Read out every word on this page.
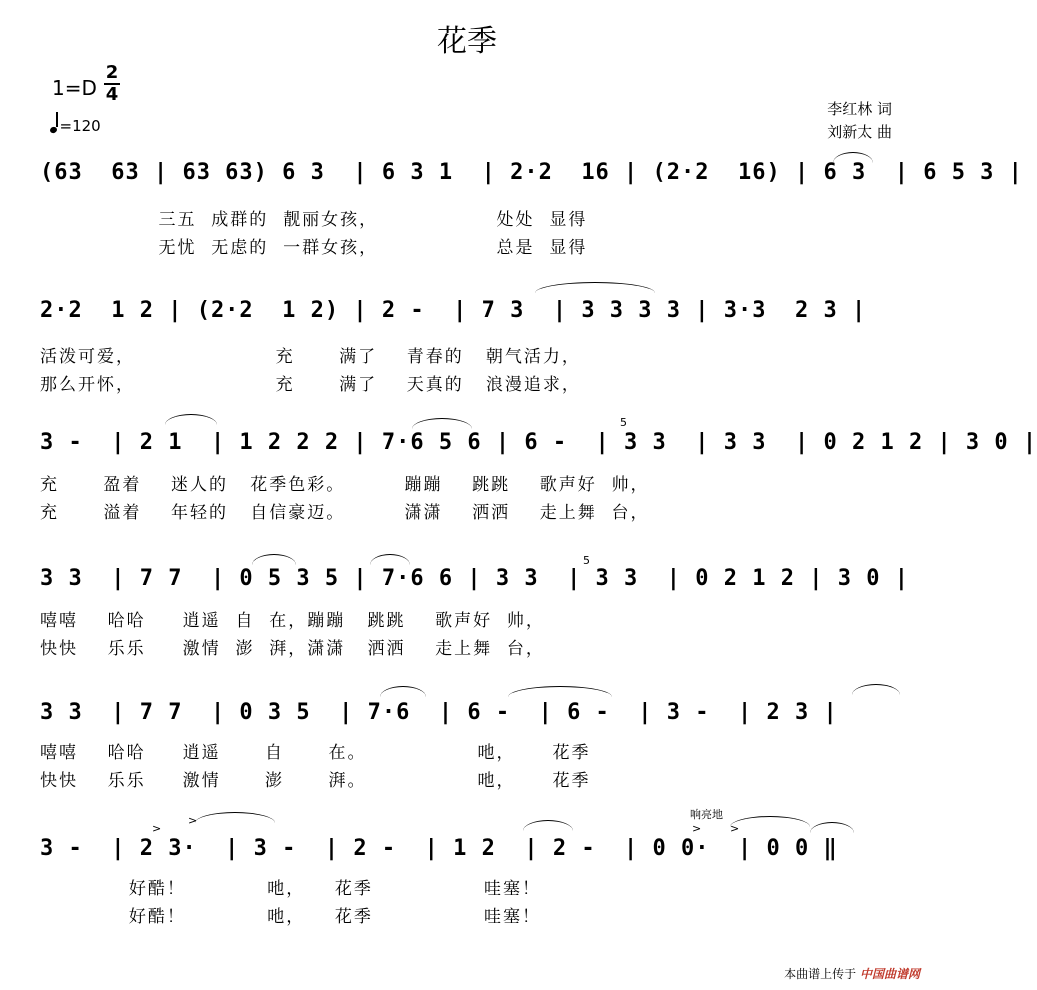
花季
1=D
2
4
=120
李红林 词
刘新太 曲
(63  63 | 63 63) 6 3  | 6 3 1  | 2·2  16 | (2·2  16) | 6 3  | 6 5 3 |
三五  成群的  靓丽女孩，                处处  显得
无忧  无虑的  一群女孩，                总是  显得
2·2  1 2 | (2·2  1 2) | 2 -  | 7 3  | 3 3 3 3 | 3·3  2 3 |
活泼可爱，                   充      满了    青春的   朝气活力，
那么开怀，                   充      满了    天真的   浪漫追求，
3 -  | 2 1  | 1 2 2 2 | 7·6 5 6 | 6 -  | 3 3  | 3 3  | 0 2 1 2 | 3 0 |
5
充      盈着    迷人的   花季色彩。        蹦蹦    跳跳    歌声好  帅，
充      溢着    年轻的   自信豪迈。        潇潇    洒洒    走上舞  台，
3 3  | 7 7  | 0 5 3 5 | 7·6 6 | 3 3  | 3 3  | 0 2 1 2 | 3 0 |
5
嘻嘻    哈哈     逍遥  自  在，蹦蹦   跳跳    歌声好  帅，
快快    乐乐     激情  澎  湃，潇潇   洒洒    走上舞  台，
3 3  | 7 7  | 0 3 5  | 7·6  | 6 -  | 6 -  | 3 -  | 2 3 |
嘻嘻    哈哈     逍遥      自      在。               吔，     花季
快快    乐乐     激情      澎      湃。               吔，     花季
3 -  | 2 3·  | 3 -  | 2 -  | 1 2  | 2 -  | 0 0·  | 0 0 ‖
>
>	响亮地
>	>
好酷！           吔，    花季               哇塞！
好酷！           吔，    花季               哇塞！
本曲谱上传于 中国曲谱网
